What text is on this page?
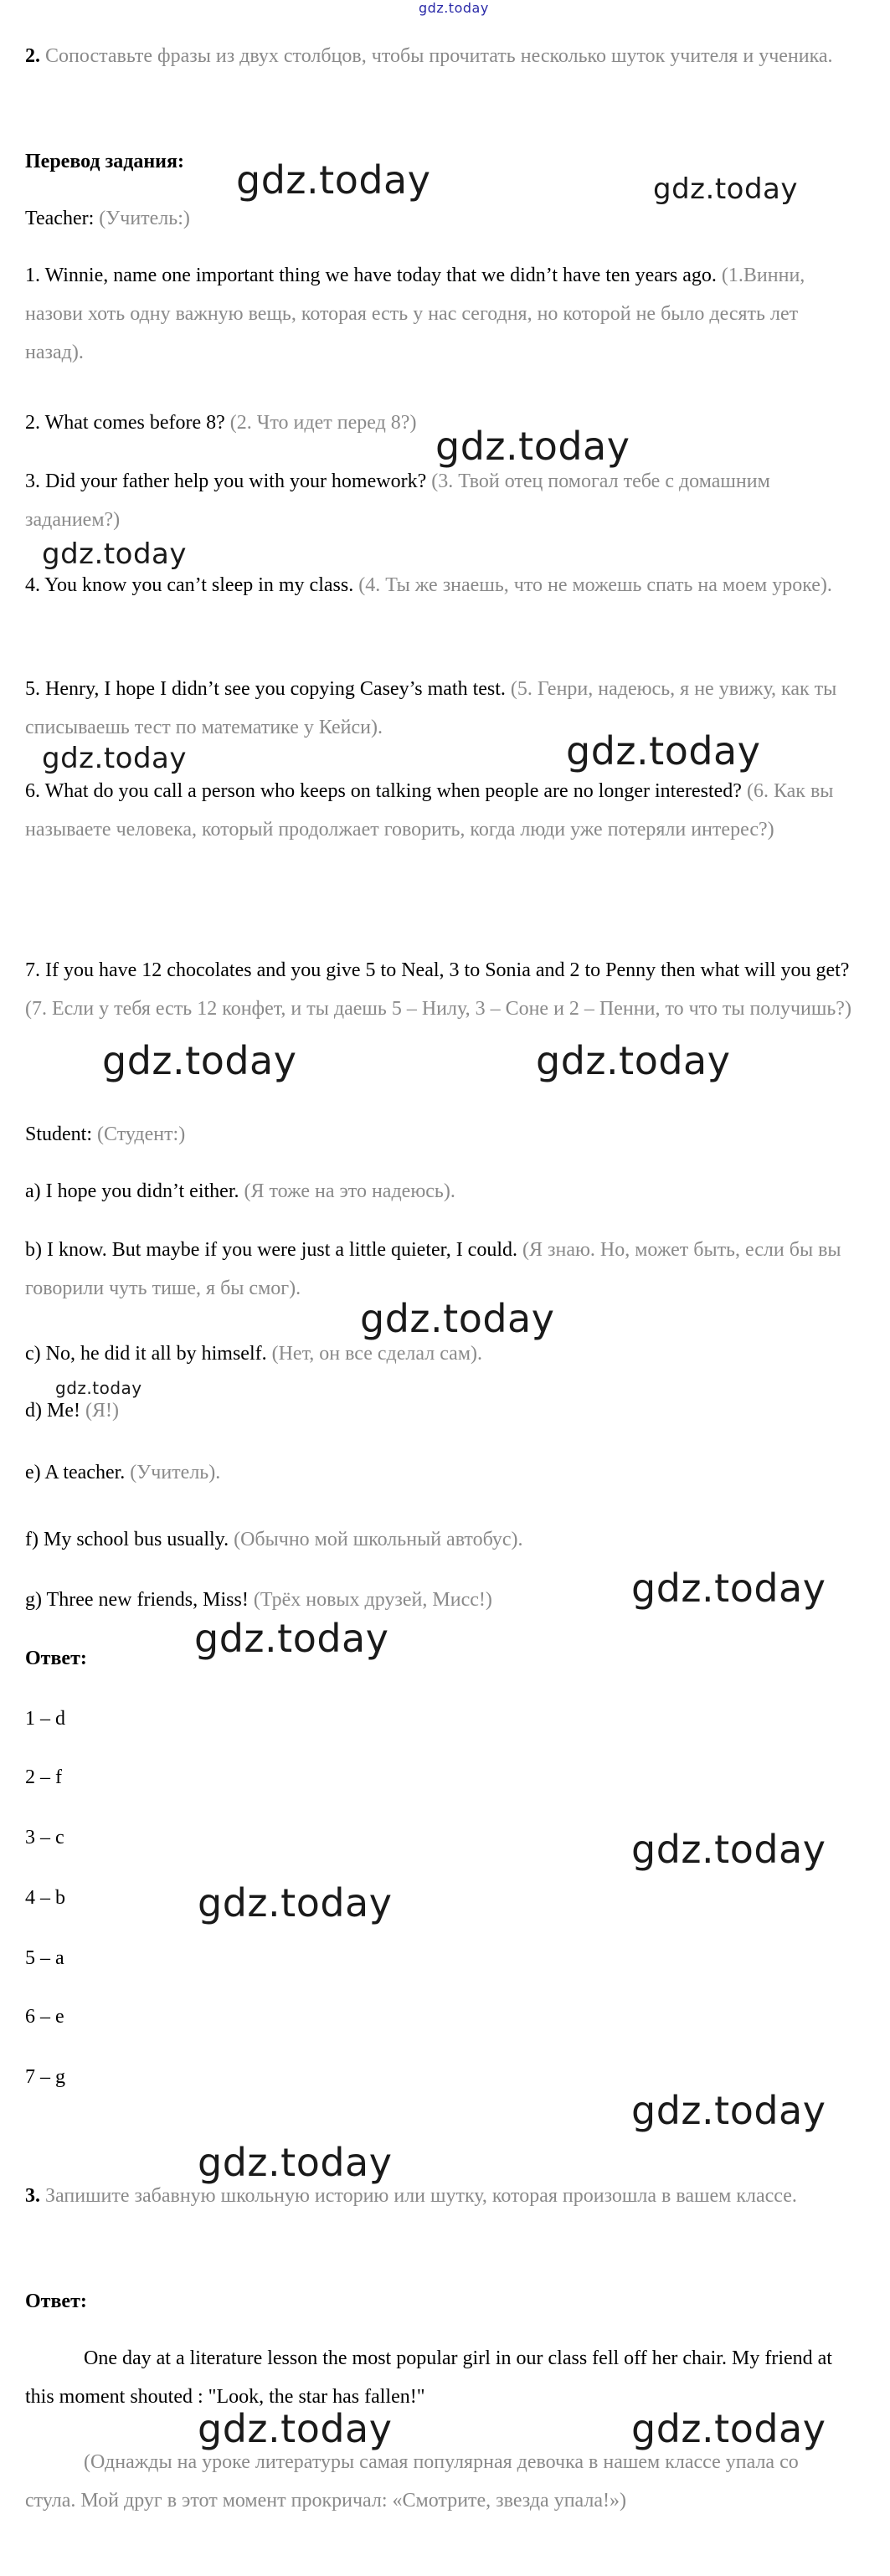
gdz.today

2. Сопоставьте фразы из двух столбцов, чтобы прочитать несколько шуток учителя и ученика.

Перевод задания:

Teacher: (Учитель:)

1. Winnie, name one important thing we have today that we didn’t have ten years ago. (1.Винни, назови хоть одну важную вещь, которая есть у нас сегодня, но которой не было десять лет назад).

2. What comes before 8? (2. Что идет перед 8?)

3. Did your father help you with your homework? (3. Твой отец помогал тебе с домашним заданием?)

4. You know you can’t sleep in my class. (4. Ты же знаешь, что не можешь спать на моем уроке).

5. Henry, I hope I didn’t see you copying Casey’s math test. (5. Генри, надеюсь, я не увижу, как ты списываешь тест по математике у Кейси).

6. What do you call a person who keeps on talking when people are no longer interested? (6. Как вы называете человека, который продолжает говорить, когда люди уже потеряли интерес?)

7. If you have 12 chocolates and you give 5 to Neal, 3 to Sonia and 2 to Penny then what will you get? (7. Если у тебя есть 12 конфет, и ты даешь 5 – Нилу, 3 – Соне и 2 – Пенни, то что ты получишь?)

Student: (Студент:)

a) I hope you didn’t either. (Я тоже на это надеюсь).

b) I know. But maybe if you were just a little quieter, I could. (Я знаю. Но, может быть, если бы вы говорили чуть тише, я бы смог).

c) No, he did it all by himself. (Нет, он все сделал сам).

d) Me! (Я!)

e) A teacher. (Учитель).

f) My school bus usually. (Обычно мой школьный автобус).

g) Three new friends, Miss! (Трёх новых друзей, Мисс!)

Ответ:

1 – d

2 – f

3 – c

4 – b

5 – a

6 – e

7 – g

3. Запишите забавную школьную историю или шутку, которая произошла в вашем классе.

Ответ:

One day at a literature lesson the most popular girl in our class fell off her chair. My friend at this moment shouted : "Look, the star has fallen!"

(Однажды на уроке литературы самая популярная девочка в нашем классе упала со стула. Мой друг в этот момент прокричал: «Смотрите, звезда упала!»)

gdz.today	gdz.today
gdz.today
gdz.today
gdz.today	gdz.today
gdz.today	gdz.today
gdz.today
gdz.today
gdz.today
gdz.today
gdz.today
gdz.today
gdz.today
gdz.today
gdz.today	gdz.today
